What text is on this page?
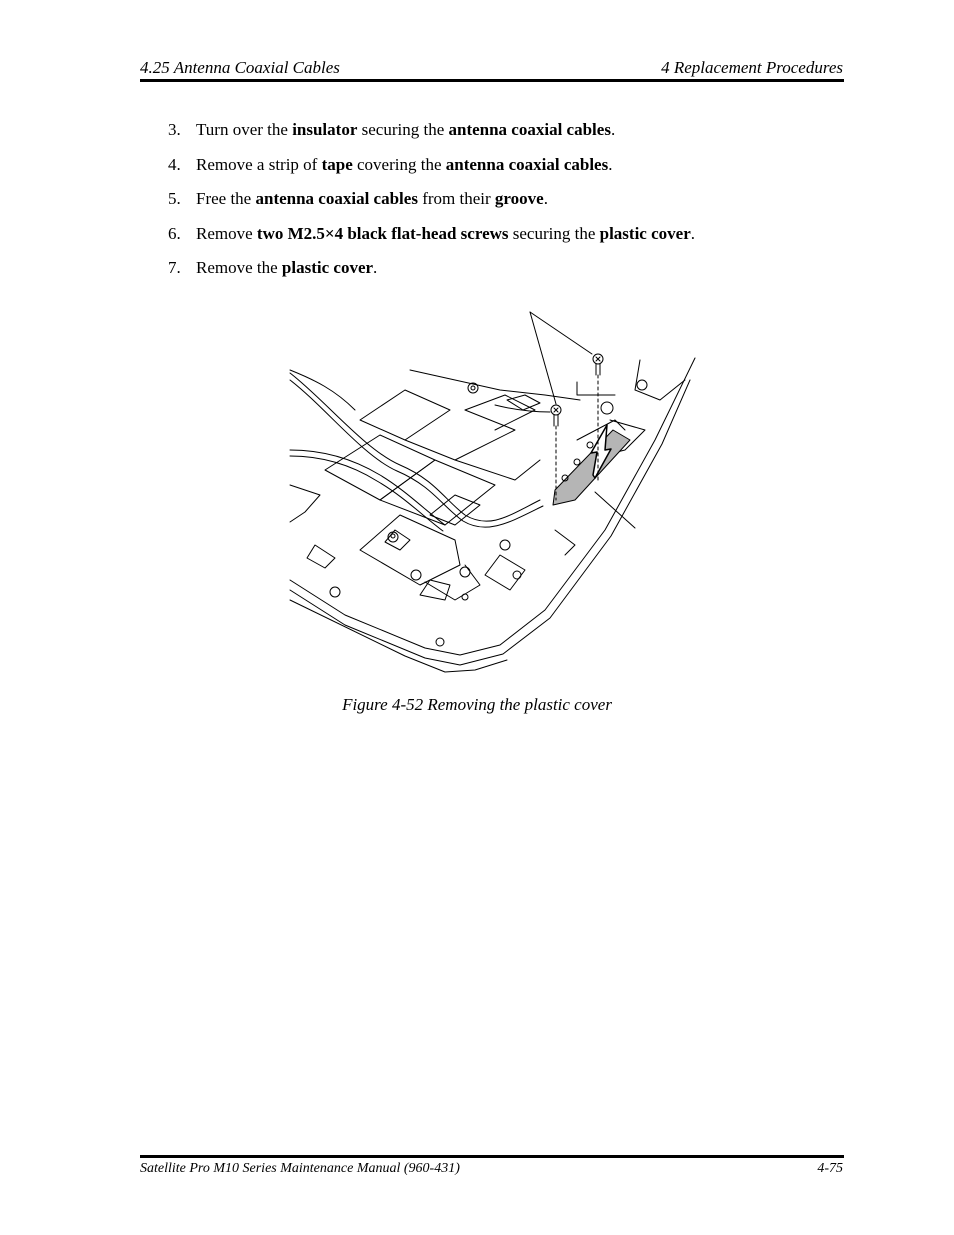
4.25 Antenna Coaxial Cables	4 Replacement Procedures
3. Turn over the insulator securing the antenna coaxial cables.
4. Remove a strip of tape covering the antenna coaxial cables.
5. Free the antenna coaxial cables from their groove.
6. Remove two M2.5×4 black flat-head screws securing the plastic cover.
7. Remove the plastic cover.
Figure 4-52 Removing the plastic cover
Satellite Pro M10 Series Maintenance Manual (960-431)	4-75
